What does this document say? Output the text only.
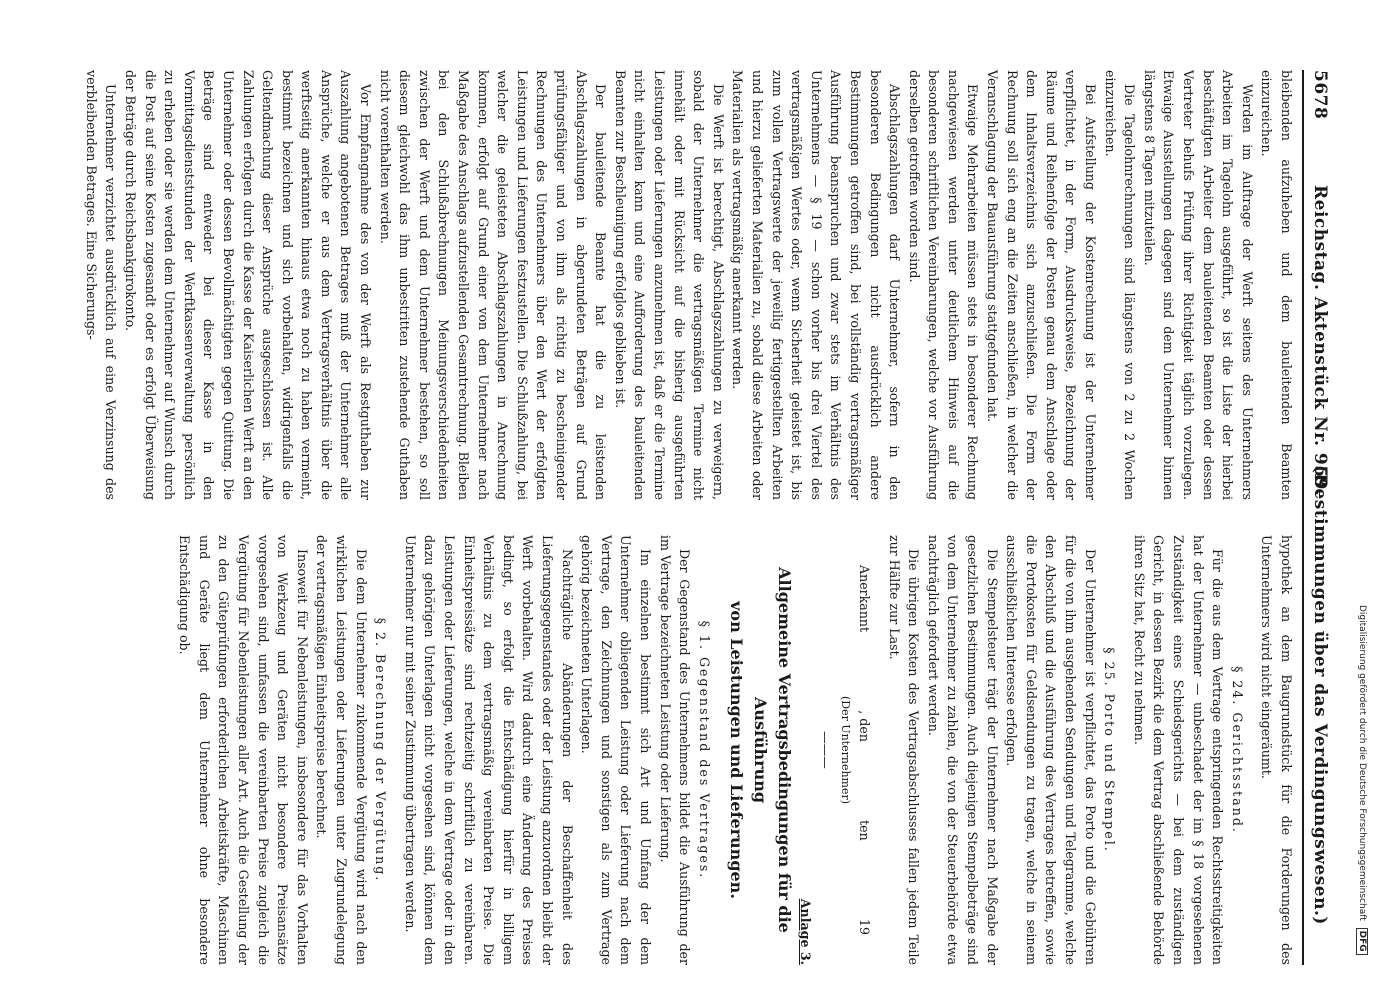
5678
Reichstag. Aktenstück Nr. 959.
(Bestimmungen über das Verdingungswesen.)

bleibenden aufzuheben und dem bauleitenden Beamten einzureichen.

Werden im Auftrage der Werft seitens des Unternehmers Arbeiten im Tagelohn ausgeführt, so ist die Liste der hierbei beschäftigten Arbeiter dem bauleitenden Beamten oder dessen Vertreter behufs Prüfung ihrer Richtigkeit täglich vorzulegen. Etwaige Ausstellungen dagegen sind dem Unternehmer binnen längstens 8 Tagen mitzuteilen.

Die Tagelohnrechnungen sind längstens von 2 zu 2 Wochen einzureichen.

Bei Aufstellung der Kostenrechnung ist der Unternehmer verpflichtet, in der Form, Ausdrucksweise, Bezeichnung der Räume und Reihenfolge der Posten genau dem Anschlage oder dem Inhaltsverzeichnis sich anzuschließen. Die Form der Rechnung soll sich eng an die Zeiten anschließen, in welcher die Veranschlagung der Bauausführung stattgefunden hat.

Etwaige Mehrarbeiten müssen stets in besonderer Rechnung nachgewiesen werden unter deutlichem Hinweis auf die besonderen schriftlichen Vereinbarungen, welche vor Ausführung derselben getroffen worden sind.

Abschlagszahlungen darf Unternehmer, sofern in den besonderen Bedingungen nicht ausdrücklich andere Bestimmungen getroffen sind, bei vollständig vertragsmäßiger Ausführung beanspruchen und zwar stets im Verhältnis des Unternehmens — § 19 — schon vorher bis drei Viertel des vertragsmäßigen Wertes oder, wenn Sicherheit geleistet ist, bis zum vollen Vertragswerte der jeweilig fertiggestellten Arbeiten und hierzu gelieferten Materialien zu, sobald diese Arbeiten oder Materialien als vertragsmäßig anerkannt werden.

Die Werft ist berechtigt, Abschlagszahlungen zu verweigern, sobald der Unternehmer die vertragsmäßigen Termine nicht innehält oder mit Rücksicht auf die bisherig ausgeführten Leistungen oder Lieferungen anzunehmen ist, daß er die Termine nicht einhalten kann und eine Aufforderung des bauleitenden Beamten zur Beschleunigung erfolglos geblieben ist.

Der bauleitende Beamte hat die zu leistenden Abschlagszahlungen in abgerundeten Beträgen auf Grund prüfungsfähiger und von ihm als richtig zu bescheinigender Rechnungen des Unternehmers über den Wert der erfolgten Leistungen und Lieferungen festzustellen. Die Schlußzahlung, bei welcher die geleisteten Abschlagszahlungen in Anrechnung kommen, erfolgt auf Grund einer von dem Unternehmer nach Maßgabe des Anschlags aufzustellenden Gesamtrechnung. Bleiben bei den Schlußabrechnungen Meinungsverschiedenheiten zwischen der Werft und dem Unternehmer bestehen, so soll diesem gleichwohl das ihm unbestritten zustehende Guthaben nicht vorenthalten werden.

Vor Empfangnahme des von der Werft als Restguthaben zur Auszahlung angebotenen Betrages muß der Unternehmer alle Ansprüche, welche er aus dem Vertragsverhältnis über die werftseitig anerkannten hinaus etwa noch zu haben vermeint, bestimmt bezeichnen und sich vorbehalten, widrigenfalls die Geltendmachung dieser Ansprüche ausgeschlossen ist. Alle Zahlungen erfolgen durch die Kasse der Kaiserlichen Werft an den Unternehmer oder dessen Bevollmächtigten gegen Quittung. Die Beträge sind entweder bei dieser Kasse in den Vormittagsdienststunden der Werftkassenverwaltung persönlich zu erheben oder sie werden dem Unternehmer auf Wunsch durch die Post auf seine Kosten zugesandt oder es erfolgt Überweisung der Beträge durch Reichsbankgirokonto.

Unternehmer verzichtet ausdrücklich auf eine Verzinsung des verbleibenden Betrages. Eine Sicherungs-

hypothek an dem Baugrundstück für die Forderungen des Unternehmers wird nicht eingeräumt.

§ 24. Gerichtsstand.

Für die aus dem Vertrage entspringenden Rechtsstreitigkeiten hat der Unternehmer — unbeschadet der im § 18 vorgesehenen Zuständigkeit eines Schiedsgerichts — bei dem zuständigen Gericht, in dessen Bezirk die dem Vertrag abschließende Behörde ihren Sitz hat, Recht zu nehmen.

§ 25. Porto und Stempel.

Der Unternehmer ist verpflichtet, das Porto und die Gebühren für die von ihm ausgehenden Sendungen und Telegramme, welche den Abschluß und die Ausführung des Vertrages betreffen, sowie die Portokosten für Geldsendungen zu tragen, welche in seinem ausschließlichen Interesse erfolgen.

Die Stempelsteuer trägt der Unternehmer nach Maßgabe der gesetzlichen Bestimmungen. Auch diejenigen Stempelbeträge sind von dem Unternehmer zu zahlen, die von der Steuerbehörde etwa nachträglich gefordert werden.

Die übrigen Kosten des Vertragsabschlusses fallen jedem Teile zur Hälfte zur Last.

Anerkannt
, den
ten
19

(Der Unternehmer)

———

Anlage 3.

Allgemeine Vertragsbedingungen für die Ausführung

von Leistungen und Lieferungen.

§ 1. Gegenstand des Vertrages.

Der Gegenstand des Unternehmens bildet die Ausführung der im Vertrage bezeichneten Leistung oder Lieferung.

Im einzelnen bestimmt sich Art und Umfang der dem Unternehmer obliegenden Leistung oder Lieferung nach dem Vertrage, den Zeichnungen und sonstigen als zum Vertrage gehörig bezeichneten Unterlagen.

Nachträgliche Abänderungen der Beschaffenheit des Lieferungsgegenstandes oder der Leistung anzuordnen bleibt der Werft vorbehalten. Wird dadurch eine Änderung des Preises bedingt, so erfolgt die Entschädigung hierfür in billigem Verhältnis zu dem vertragsmäßig vereinbarten Preise. Die Einheitspreissätze sind rechtzeitig schriftlich zu vereinbaren. Leistungen oder Lieferungen, welche in dem Vertrage oder in den dazu gehörigen Unterlagen nicht vorgesehen sind, können dem Unternehmer nur mit seiner Zustimmung übertragen werden.

§ 2. Berechnung der Vergütung.

Die dem Unternehmer zukommende Vergütung wird nach den wirklichen Leistungen oder Lieferungen unter Zugrundelegung der vertragsmäßigen Einheitspreise berechnet.

Insoweit für Nebenleistungen, insbesondere für das Vorhalten von Werkzeug und Geräten nicht besondere Preisansätze vorgesehen sind, umfassen die vereinbarten Preise zugleich die Vergütung für Nebenleistungen aller Art. Auch die Gestellung der zu den Güteprüfungen erforderlichen Arbeitskräfte, Maschinen und Geräte liegt dem Unternehmer ohne besondere Entschädigung ob.

Digitalisierung gefördert durch die Deutsche Forschungsgemeinschaft DFG
